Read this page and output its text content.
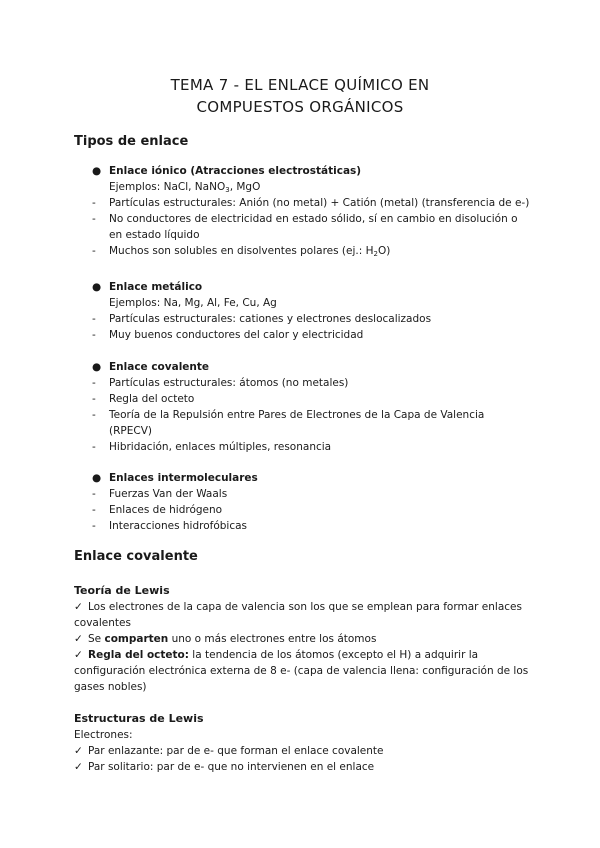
TEMA 7 - EL ENLACE QUÍMICO EN
COMPUESTOS ORGÁNICOS
Tipos de enlace
● Enlace iónico (Atracciones electrostáticas)
Ejemplos: NaCl, NaNO$_3$, MgO
- Partículas estructurales: Anión (no metal) + Catión (metal) (transferencia de e-)
- No conductores de electricidad en estado sólido, sí en cambio en disolución o
en estado líquido
- Muchos son solubles en disolventes polares (ej.: $H_2O$)
● Enlace metálico
Ejemplos: Na, Mg, Al, Fe, Cu, Ag
- Partículas estructurales: cationes y electrones deslocalizados
- Muy buenos conductores del calor y electricidad
● Enlace covalente
- Partículas estructurales: átomos (no metales)
- Regla del octeto
- Teoría de la Repulsión entre Pares de Electrones de la Capa de Valencia
(RPECV)
- Hibridación, enlaces múltiples, resonancia
● Enlaces intermoleculares
- Fuerzas Van der Waals
- Enlaces de hidrógeno
- Interacciones hidrofóbicas
Enlace covalente
Teoría de Lewis
✓ Los electrones de la capa de valencia son los que se emplean para formar enlaces
covalentes
✓ Se comparten uno o más electrones entre los átomos
✓ Regla del octeto: la tendencia de los átomos (excepto el H) a adquirir la
configuración electrónica externa de 8 e- (capa de valencia llena: configuración de los
gases nobles)
Estructuras de Lewis
Electrones:
✓ Par enlazante: par de e- que forman el enlace covalente
✓ Par solitario: par de e- que no intervienen en el enlace
